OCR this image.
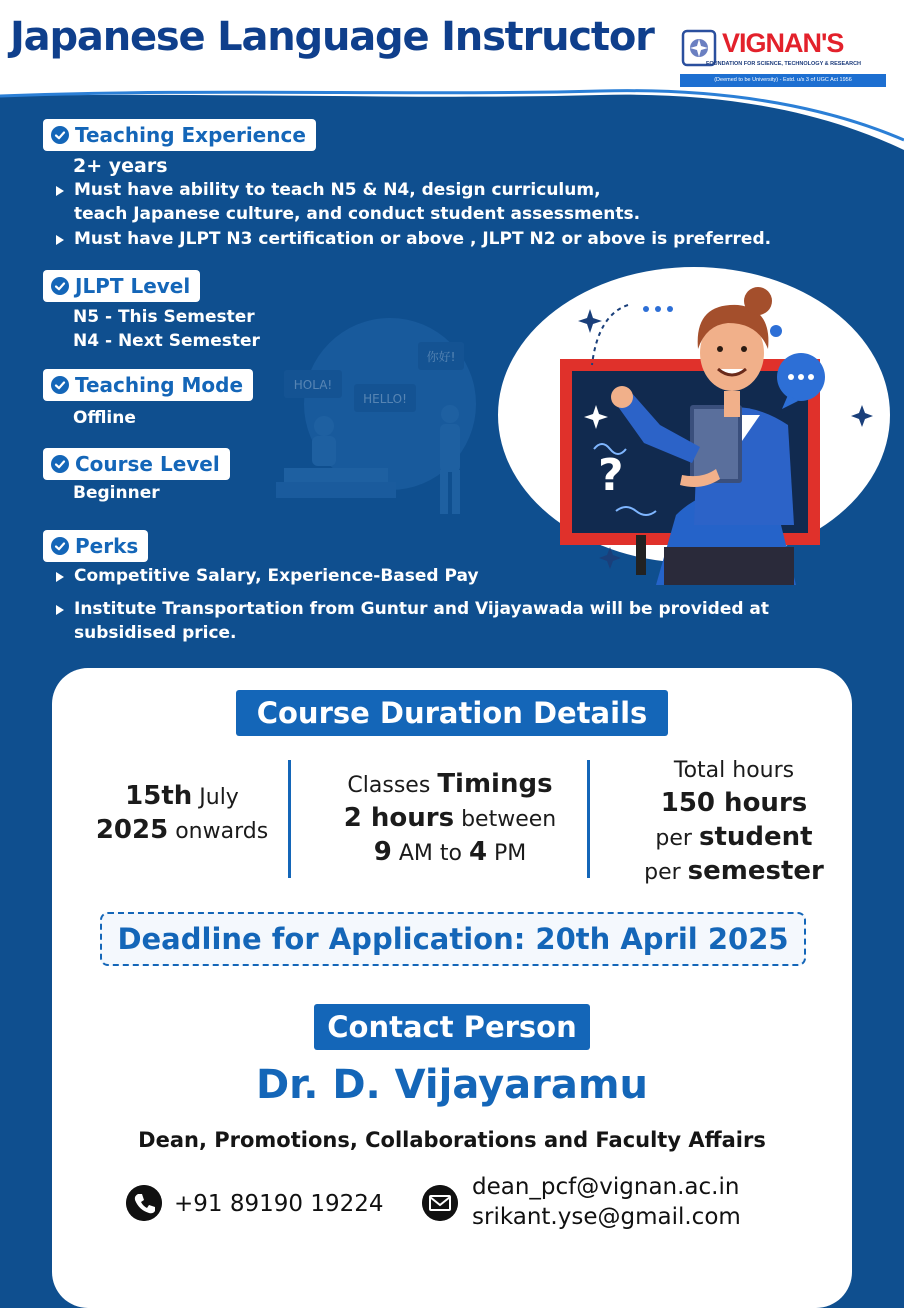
Japanese Language Instructor	VIGNAN'S
FOUNDATION FOR SCIENCE, TECHNOLOGY & RESEARCH
(Deemed to be University) - Estd. u/s 3 of UGC Act 1956
HOLA!
HELLO!
你好!
Teaching Experience
2+ years
Must have ability to teach N5 & N4, design curriculum,
teach Japanese culture, and conduct student assessments.
Must have JLPT N3 certification or above , JLPT N2 or above is preferred.
JLPT Level
N5 - This Semester
N4 - Next Semester
Teaching Mode
Offline
Course Level
Beginner
Perks
Competitive Salary, Experience-Based Pay
Institute Transportation from Guntur and Vijayawada will be provided at
subsidised price.
?
Course Duration Details
15th July
2025 onwards
Classes Timings
2 hours between
9 AM to 4 PM
Total hours
150 hours
per student
per semester
Deadline for Application: 20th April 2025
Contact Person
Dr. D. Vijayaramu
Dean, Promotions, Collaborations and Faculty Affairs
+91 89190 19224
dean_pcf@vignan.ac.in
srikant.yse@gmail.com
